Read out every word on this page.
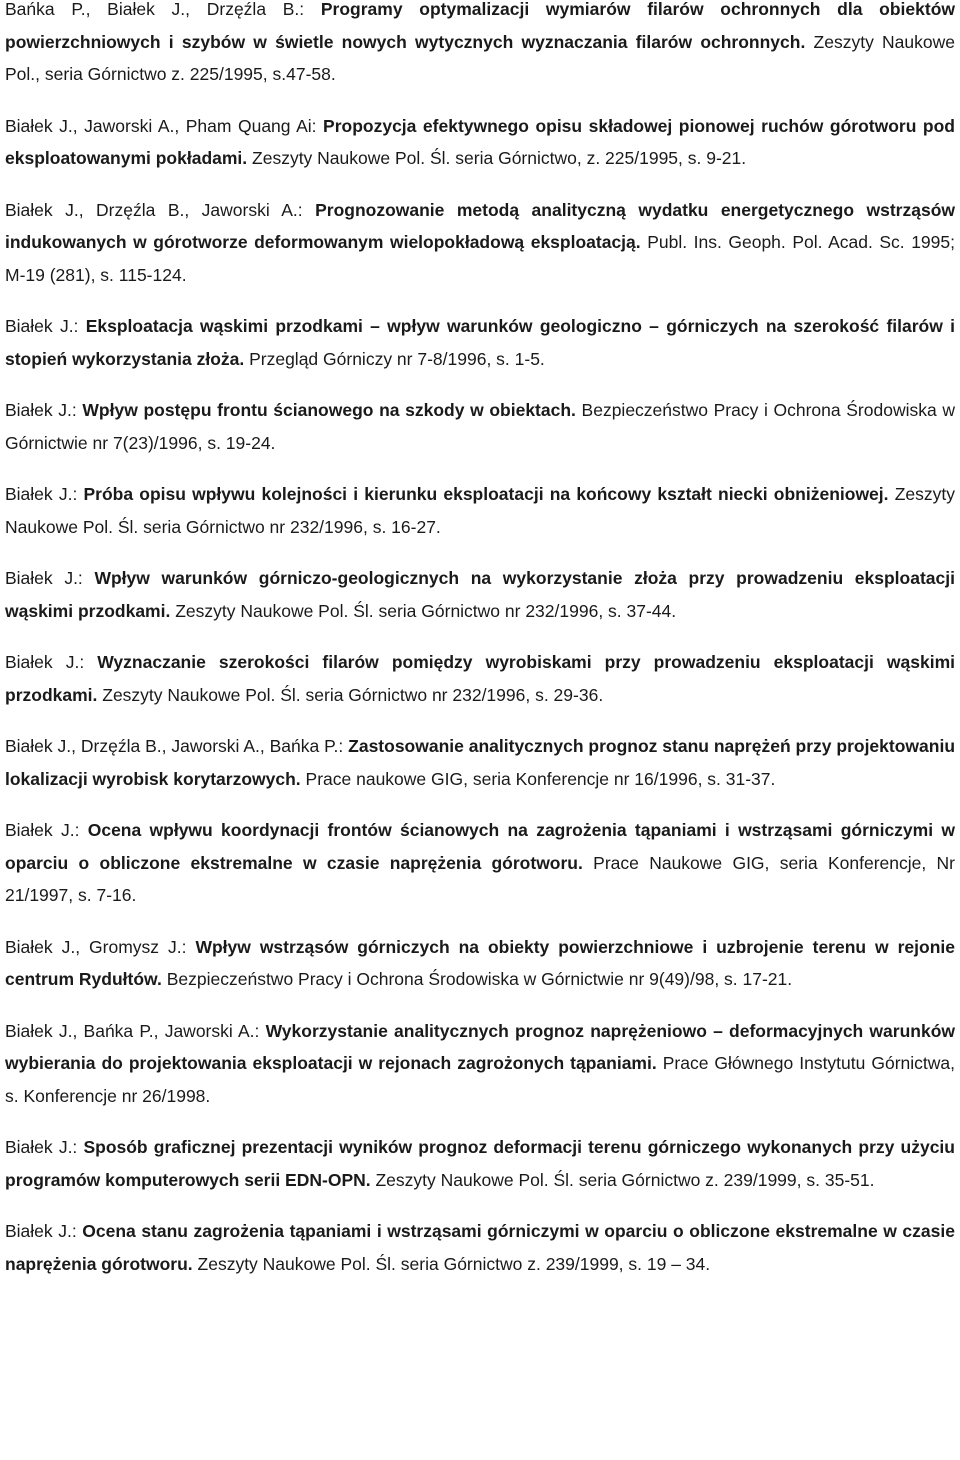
Bańka P., Białek J., Drzęźla B.: Programy optymalizacji wymiarów filarów ochronnych dla obiektów powierzchniowych i szybów w świetle nowych wytycznych wyznaczania filarów ochronnych. Zeszyty Naukowe Pol., seria Górnictwo z. 225/1995, s.47-58.

Białek J., Jaworski A., Pham Quang Ai: Propozycja efektywnego opisu składowej pionowej ruchów górotworu pod eksploatowanymi pokładami. Zeszyty Naukowe Pol. Śl. seria Górnictwo, z. 225/1995, s. 9-21.

Białek J., Drzęźla B., Jaworski A.: Prognozowanie metodą analityczną wydatku energetycznego wstrząsów indukowanych w górotworze deformowanym wielopokładową eksploatacją. Publ. Ins. Geoph. Pol. Acad. Sc. 1995; M-19 (281), s. 115-124.

Białek J.: Eksploatacja wąskimi przodkami – wpływ warunków geologiczno – górniczych na szerokość filarów i stopień wykorzystania złoża. Przegląd Górniczy nr 7-8/1996, s. 1-5.

Białek J.: Wpływ postępu frontu ścianowego na szkody w obiektach. Bezpieczeństwo Pracy i Ochrona Środowiska w Górnictwie nr 7(23)/1996, s. 19-24.

Białek J.: Próba opisu wpływu kolejności i kierunku eksploatacji na końcowy kształt niecki obniżeniowej. Zeszyty Naukowe Pol. Śl. seria Górnictwo nr 232/1996, s. 16-27.

Białek J.: Wpływ warunków górniczo-geologicznych na wykorzystanie złoża przy prowadzeniu eksploatacji wąskimi przodkami. Zeszyty Naukowe Pol. Śl. seria Górnictwo nr 232/1996, s. 37-44.

Białek J.: Wyznaczanie szerokości filarów pomiędzy wyrobiskami przy prowadzeniu eksploatacji wąskimi przodkami. Zeszyty Naukowe Pol. Śl. seria Górnictwo nr 232/1996, s. 29-36.

Białek J., Drzęźla B., Jaworski A., Bańka P.: Zastosowanie analitycznych prognoz stanu naprężeń przy projektowaniu lokalizacji wyrobisk korytarzowych. Prace naukowe GIG, seria Konferencje nr 16/1996, s. 31-37.

Białek J.: Ocena wpływu koordynacji frontów ścianowych na zagrożenia tąpaniami i wstrząsami górniczymi w oparciu o obliczone ekstremalne w czasie naprężenia górotworu. Prace Naukowe GIG, seria Konferencje, Nr 21/1997, s. 7-16.

Białek J., Gromysz J.: Wpływ wstrząsów górniczych na obiekty powierzchniowe i uzbrojenie terenu w rejonie centrum Rydułtów. Bezpieczeństwo Pracy i Ochrona Środowiska w Górnictwie nr 9(49)/98, s. 17-21.

Białek J., Bańka P., Jaworski A.: Wykorzystanie analitycznych prognoz naprężeniowo – deformacyjnych warunków wybierania do projektowania eksploatacji w rejonach zagrożonych tąpaniami. Prace Głównego Instytutu Górnictwa, s. Konferencje nr 26/1998.

Białek J.: Sposób graficznej prezentacji wyników prognoz deformacji terenu górniczego wykonanych przy użyciu programów komputerowych serii EDN-OPN. Zeszyty Naukowe Pol. Śl. seria Górnictwo z. 239/1999, s. 35-51.

Białek J.: Ocena stanu zagrożenia tąpaniami i wstrząsami górniczymi w oparciu o obliczone ekstremalne w czasie naprężenia górotworu. Zeszyty Naukowe Pol. Śl. seria Górnictwo z. 239/1999, s. 19 – 34.
